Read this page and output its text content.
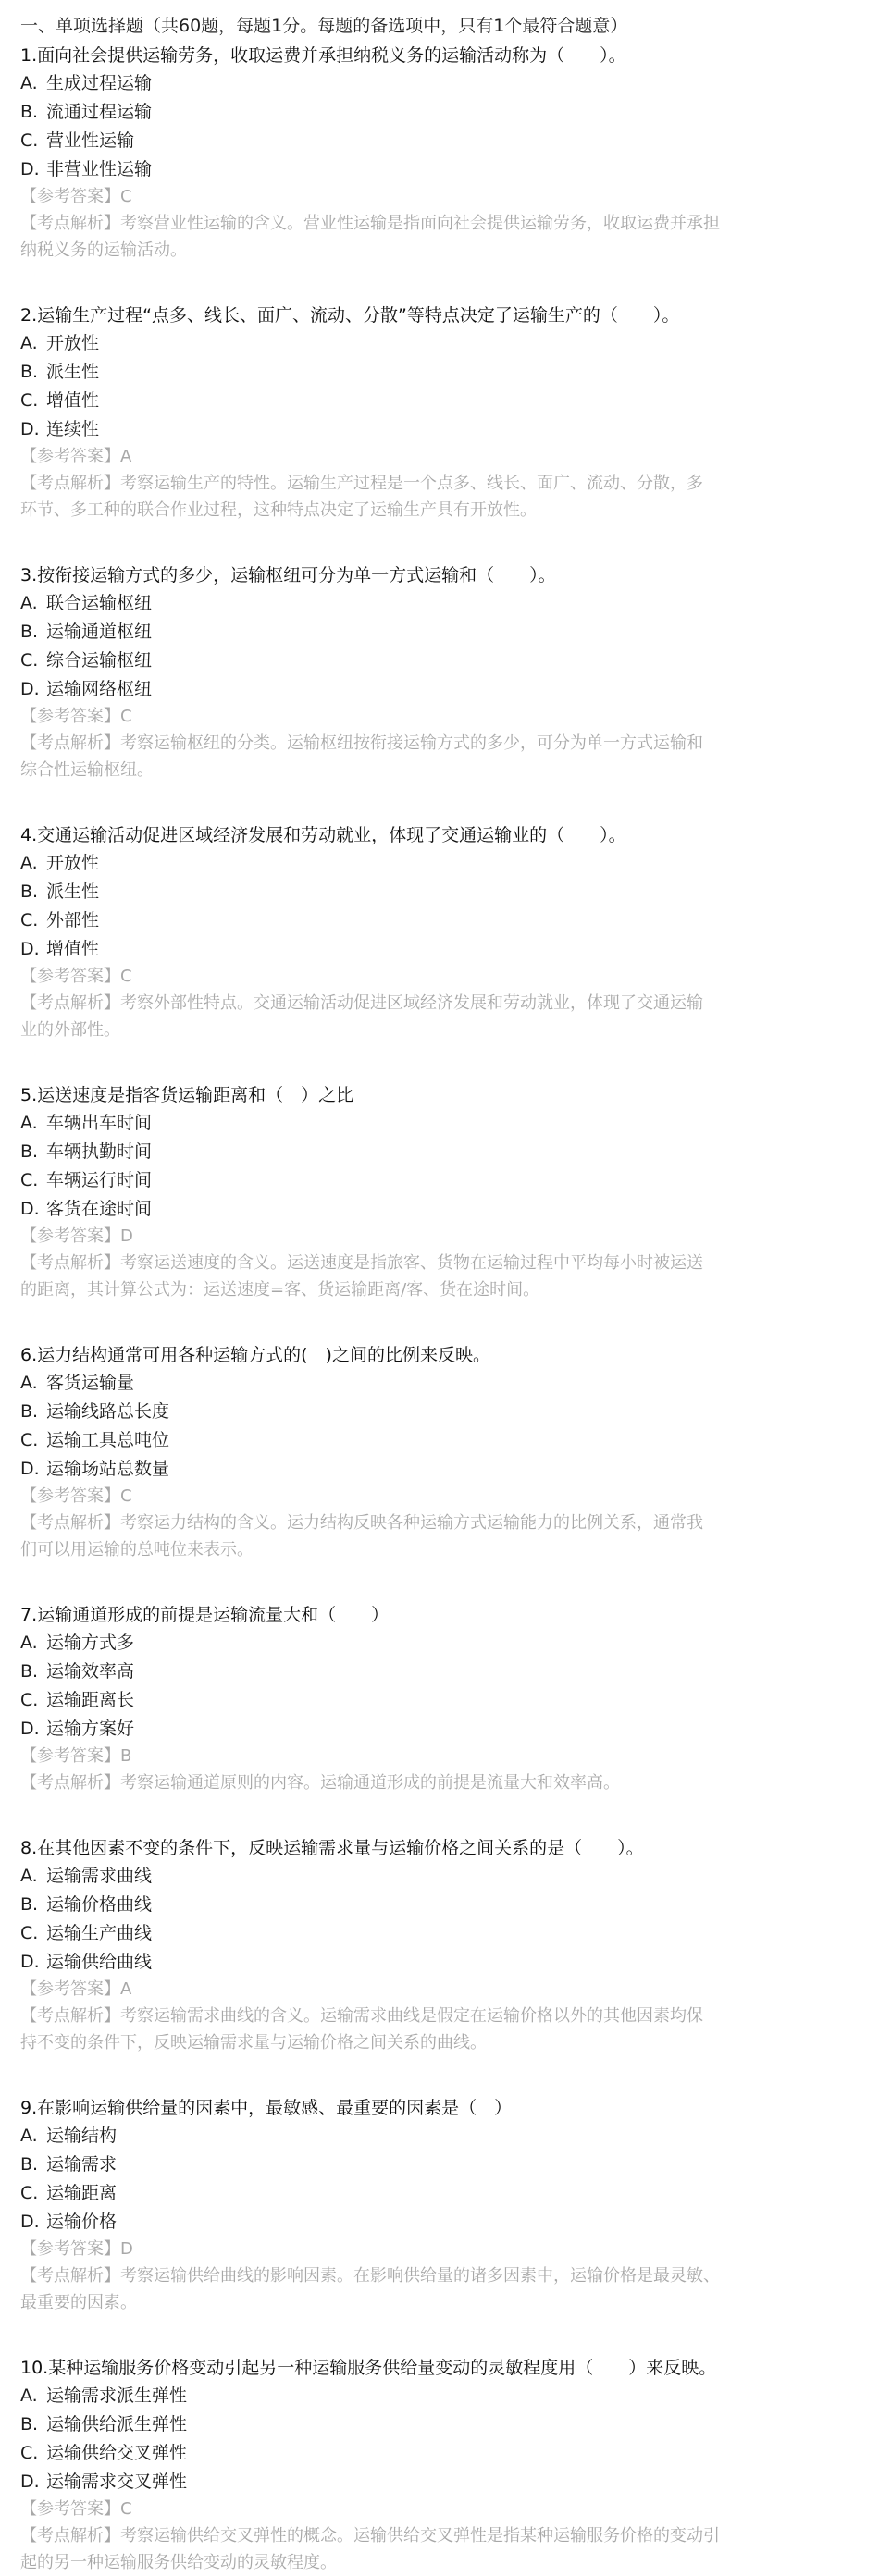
一、单项选择题（共60题，每题1分。每题的备选项中，只有1个最符合题意）
1.面向社会提供运输劳务，收取运费并承担纳税义务的运输活动称为（　　）。
A. 生成过程运输
B. 流通过程运输
C. 营业性运输
D. 非营业性运输
【参考答案】C
【考点解析】考察营业性运输的含义。营业性运输是指面向社会提供运输劳务，收取运费并承担
纳税义务的运输活动。
2.运输生产过程“点多、线长、面广、流动、分散”等特点决定了运输生产的（　　）。
A. 开放性
B. 派生性
C. 增值性
D. 连续性
【参考答案】A
【考点解析】考察运输生产的特性。运输生产过程是一个点多、线长、面广、流动、分散，多
环节、多工种的联合作业过程，这种特点决定了运输生产具有开放性。
3.按衔接运输方式的多少，运输枢纽可分为单一方式运输和（　　）。
A. 联合运输枢纽
B. 运输通道枢纽
C. 综合运输枢纽
D. 运输网络枢纽
【参考答案】C
【考点解析】考察运输枢纽的分类。运输枢纽按衔接运输方式的多少，可分为单一方式运输和
综合性运输枢纽。
4.交通运输活动促进区域经济发展和劳动就业，体现了交通运输业的（　　）。
A. 开放性
B. 派生性
C. 外部性
D. 增值性
【参考答案】C
【考点解析】考察外部性特点。交通运输活动促进区域经济发展和劳动就业，体现了交通运输
业的外部性。
5.运送速度是指客货运输距离和（　）之比
A. 车辆出车时间
B. 车辆执勤时间
C. 车辆运行时间
D. 客货在途时间
【参考答案】D
【考点解析】考察运送速度的含义。运送速度是指旅客、货物在运输过程中平均每小时被运送
的距离，其计算公式为：运送速度=客、货运输距离/客、货在途时间。
6.运力结构通常可用各种运输方式的(　)之间的比例来反映。
A. 客货运输量
B. 运输线路总长度
C. 运输工具总吨位
D. 运输场站总数量
【参考答案】C
【考点解析】考察运力结构的含义。运力结构反映各种运输方式运输能力的比例关系，通常我
们可以用运输的总吨位来表示。
7.运输通道形成的前提是运输流量大和（　　）
A. 运输方式多
B. 运输效率高
C. 运输距离长
D. 运输方案好
【参考答案】B
【考点解析】考察运输通道原则的内容。运输通道形成的前提是流量大和效率高。
8.在其他因素不变的条件下，反映运输需求量与运输价格之间关系的是（　　）。
A. 运输需求曲线
B. 运输价格曲线
C. 运输生产曲线
D. 运输供给曲线
【参考答案】A
【考点解析】考察运输需求曲线的含义。运输需求曲线是假定在运输价格以外的其他因素均保
持不变的条件下，反映运输需求量与运输价格之间关系的曲线。
9.在影响运输供给量的因素中，最敏感、最重要的因素是（　）
A. 运输结构
B. 运输需求
C. 运输距离
D. 运输价格
【参考答案】D
【考点解析】考察运输供给曲线的影响因素。在影响供给量的诸多因素中，运输价格是最灵敏、
最重要的因素。
10.某种运输服务价格变动引起另一种运输服务供给量变动的灵敏程度用（　　）来反映。
A. 运输需求派生弹性
B. 运输供给派生弹性
C. 运输供给交叉弹性
D. 运输需求交叉弹性
【参考答案】C
【考点解析】考察运输供给交叉弹性的概念。运输供给交叉弹性是指某种运输服务价格的变动引
起的另一种运输服务供给变动的灵敏程度。
